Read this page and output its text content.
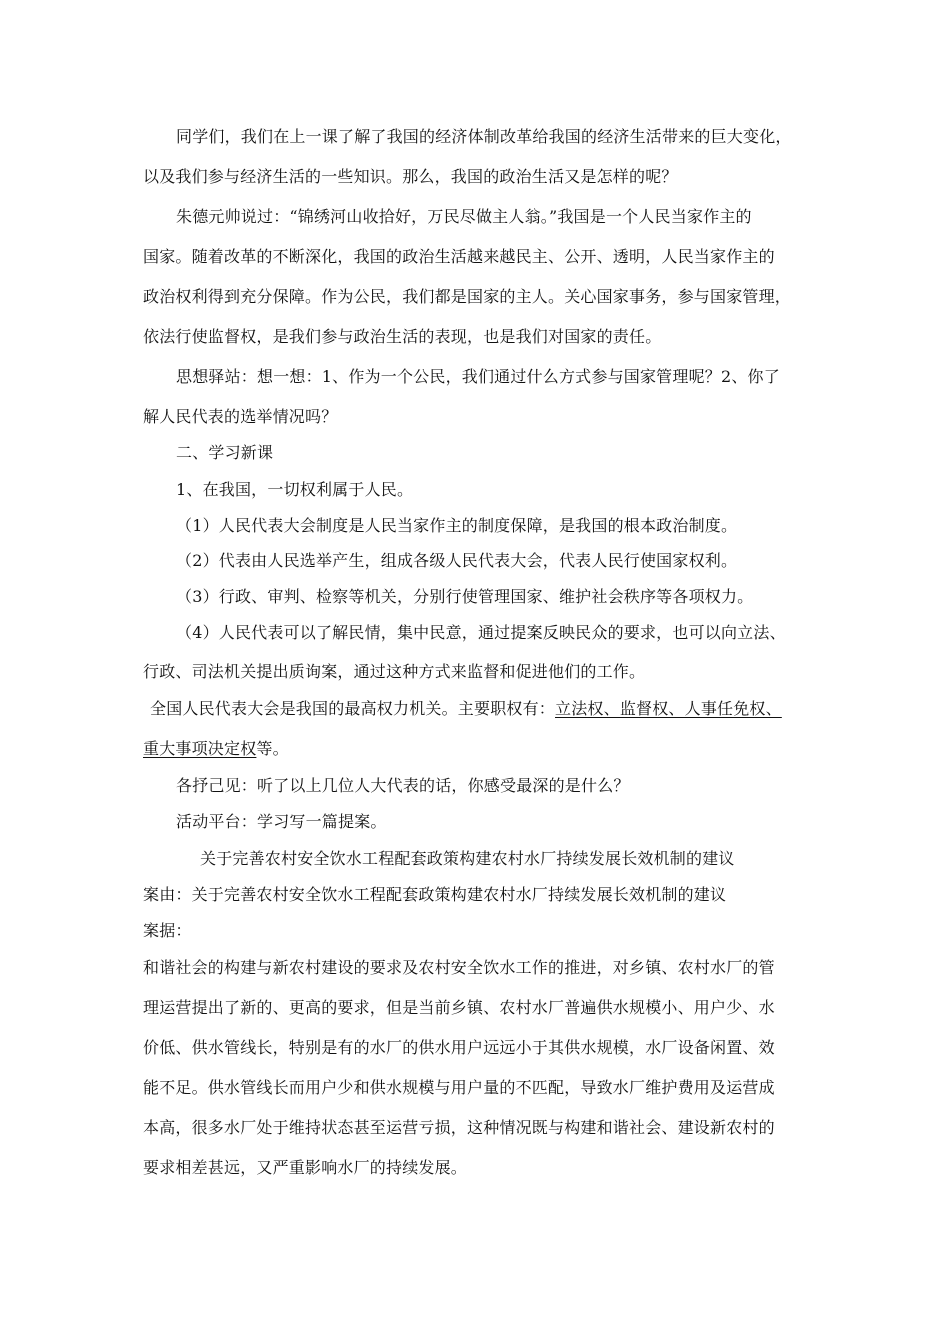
同学们，我们在上一课了解了我国的经济体制改革给我国的经济生活带来的巨大变化，
以及我们参与经济生活的一些知识。那么，我国的政治生活又是怎样的呢？
朱德元帅说过：“锦绣河山收拾好，万民尽做主人翁。”我国是一个人民当家作主的
国家。随着改革的不断深化，我国的政治生活越来越民主、公开、透明，人民当家作主的
政治权利得到充分保障。作为公民，我们都是国家的主人。关心国家事务，参与国家管理，
依法行使监督权，是我们参与政治生活的表现，也是我们对国家的责任。
思想驿站：想一想：1、作为一个公民，我们通过什么方式参与国家管理呢？2、你了
解人民代表的选举情况吗？
二、学习新课
1、在我国，一切权利属于人民。
（1）人民代表大会制度是人民当家作主的制度保障，是我国的根本政治制度。
（2）代表由人民选举产生，组成各级人民代表大会，代表人民行使国家权利。
（3）行政、审判、检察等机关，分别行使管理国家、维护社会秩序等各项权力。
（4）人民代表可以了解民情，集中民意，通过提案反映民众的要求，也可以向立法、
行政、司法机关提出质询案，通过这种方式来监督和促进他们的工作。
全国人民代表大会是我国的最高权力机关。主要职权有：立法权、监督权、人事任免权、
重大事项决定权等。
各抒己见：听了以上几位人大代表的话，你感受最深的是什么？
活动平台：学习写一篇提案。
关于完善农村安全饮水工程配套政策构建农村水厂持续发展长效机制的建议
案由：关于完善农村安全饮水工程配套政策构建农村水厂持续发展长效机制的建议
案据：
和谐社会的构建与新农村建设的要求及农村安全饮水工作的推进，对乡镇、农村水厂的管
理运营提出了新的、更高的要求，但是当前乡镇、农村水厂普遍供水规模小、用户少、水
价低、供水管线长，特别是有的水厂的供水用户远远小于其供水规模，水厂设备闲置、效
能不足。供水管线长而用户少和供水规模与用户量的不匹配，导致水厂维护费用及运营成
本高，很多水厂处于维持状态甚至运营亏损，这种情况既与构建和谐社会、建设新农村的
要求相差甚远，又严重影响水厂的持续发展。
